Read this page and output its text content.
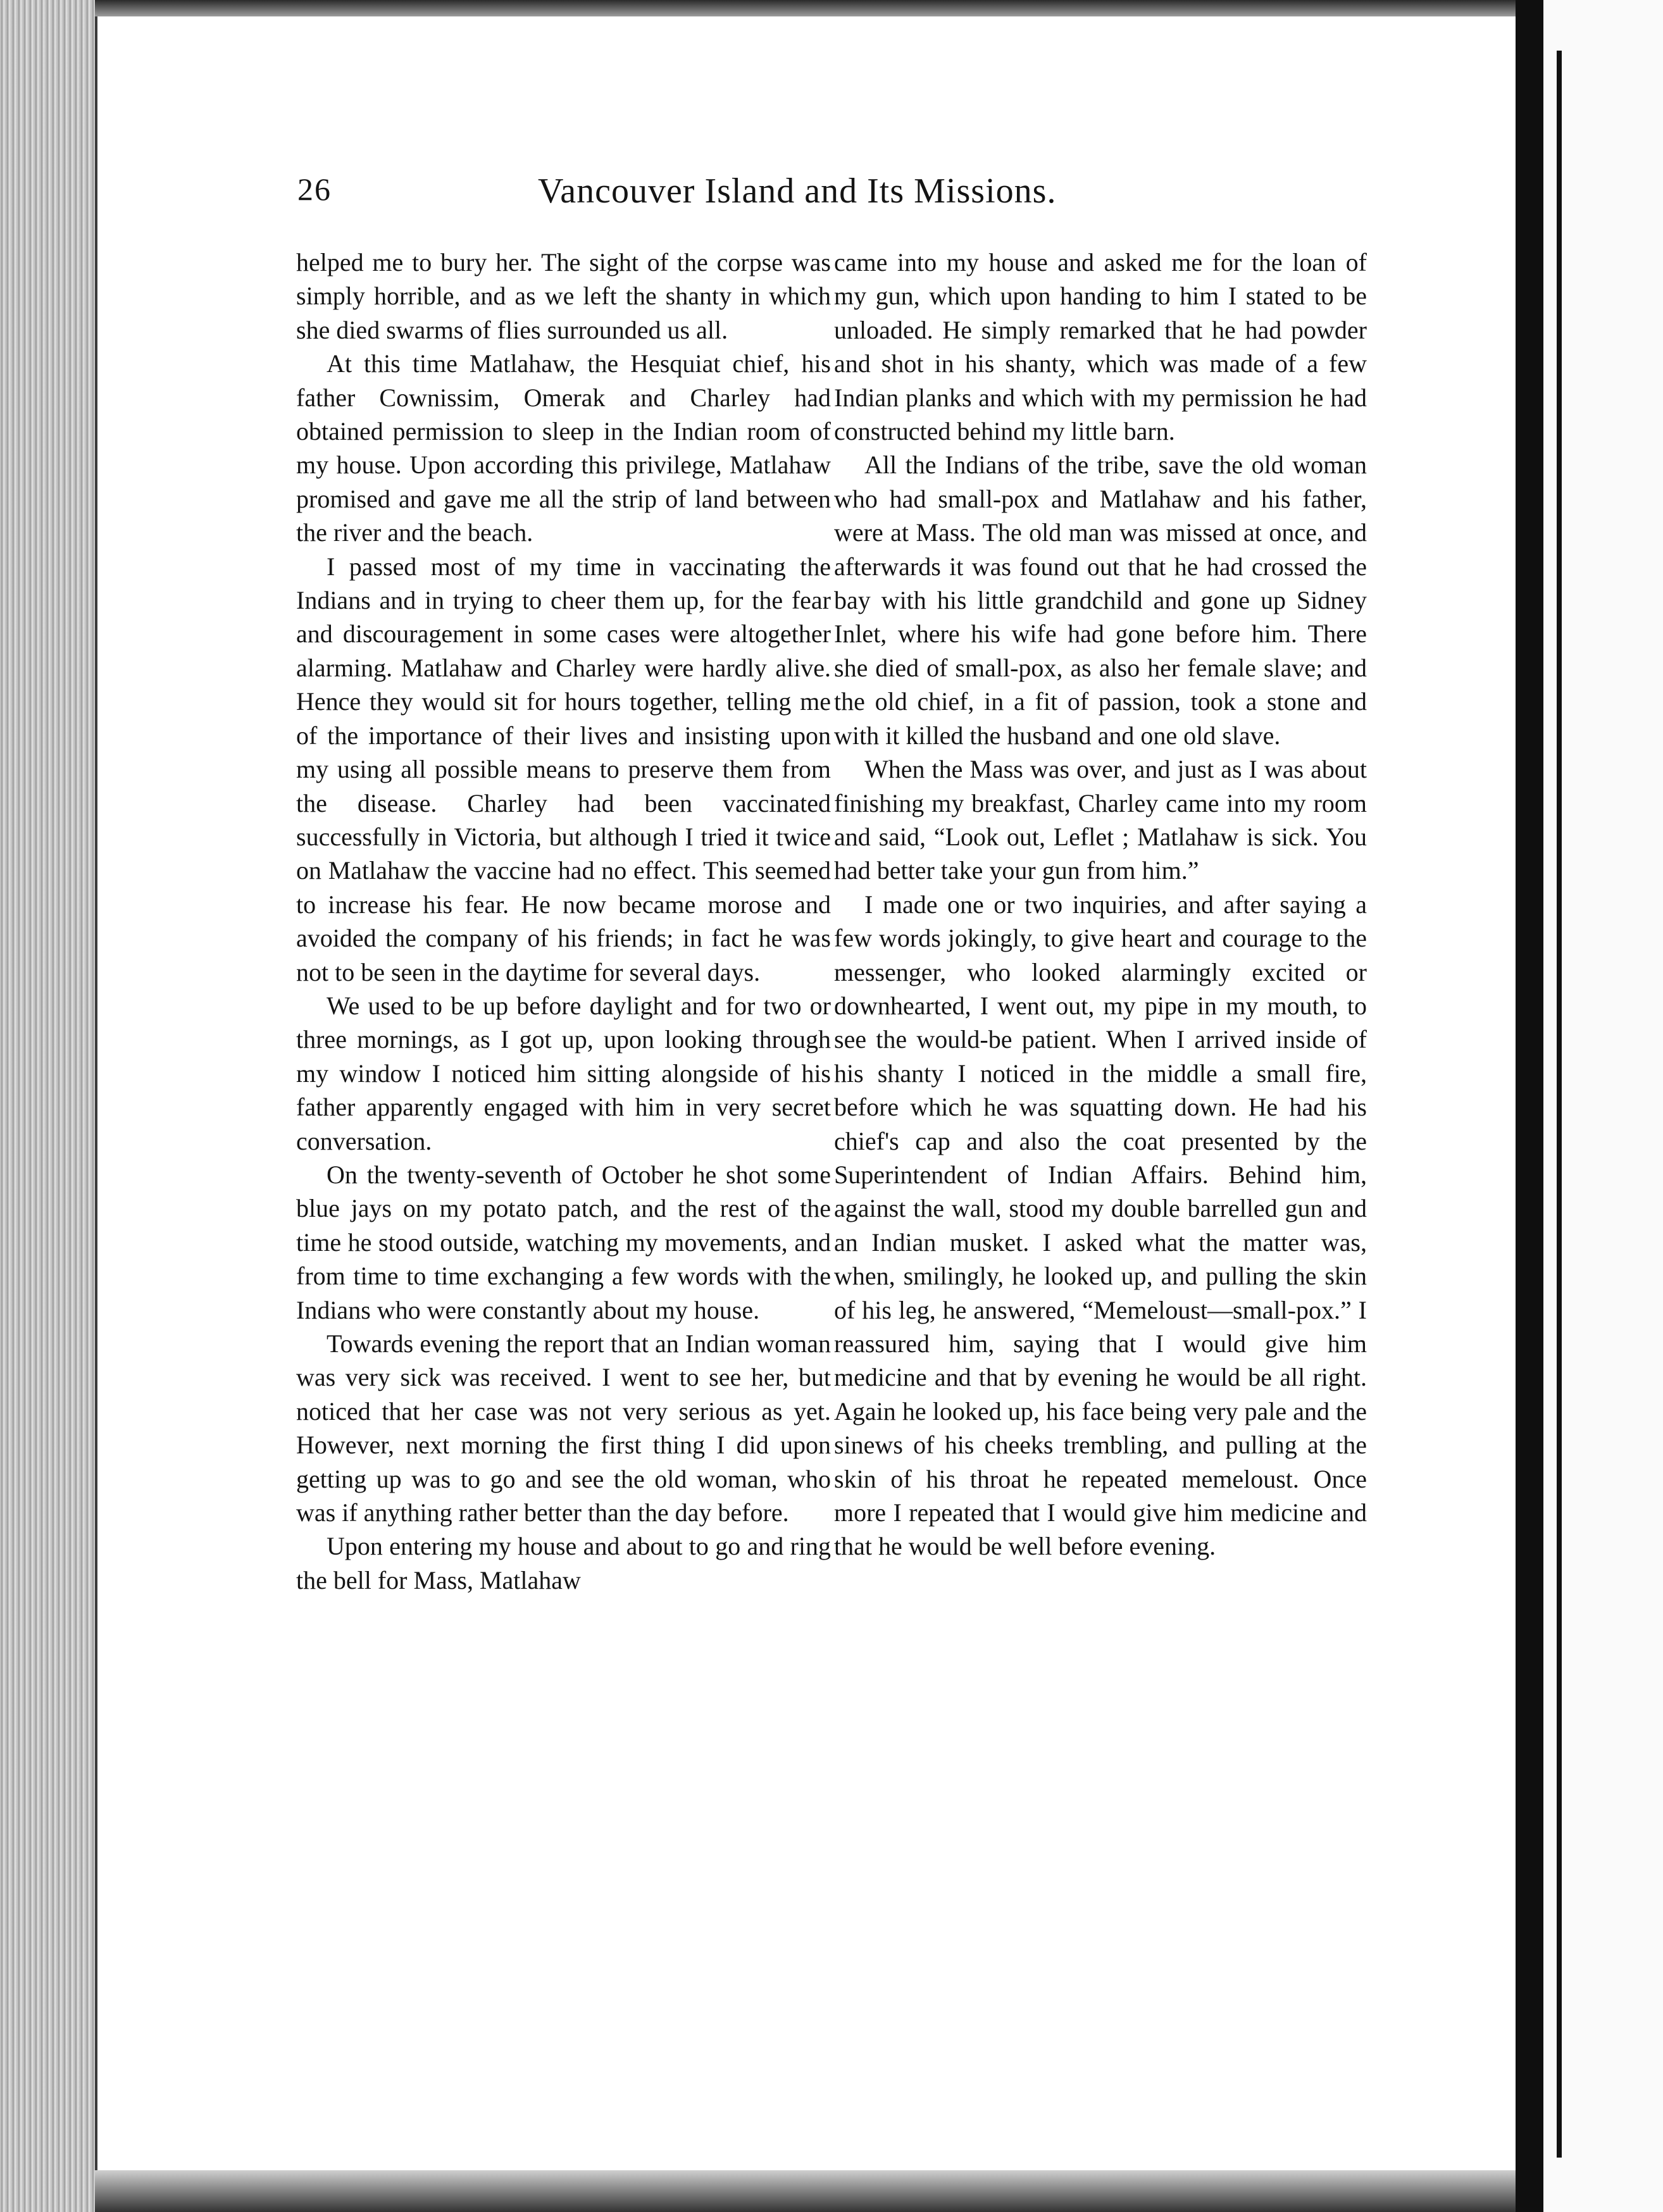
26	Vancouver Island and Its Missions.

helped me to bury her. The sight of the corpse was simply horrible, and as we left the shanty in which she died swarms of flies surrounded us all.

At this time Matlahaw, the Hesquiat chief, his father Cownissim, Omerak and Charley had obtained permission to sleep in the Indian room of my house. Upon according this privilege, Matlahaw promised and gave me all the strip of land between the river and the beach.

I passed most of my time in vaccinating the Indians and in trying to cheer them up, for the fear and discouragement in some cases were altogether alarming. Matlahaw and Charley were hardly alive. Hence they would sit for hours together, telling me of the importance of their lives and insisting upon my using all possible means to preserve them from the disease. Charley had been vaccinated successfully in Victoria, but although I tried it twice on Matlahaw the vaccine had no effect. This seemed to increase his fear. He now became morose and avoided the company of his friends; in fact he was not to be seen in the daytime for several days.

We used to be up before daylight and for two or three mornings, as I got up, upon looking through my window I noticed him sitting alongside of his father apparently engaged with him in very secret conversation.

On the twenty-seventh of October he shot some blue jays on my potato patch, and the rest of the time he stood outside, watching my movements, and from time to time exchanging a few words with the Indians who were constantly about my house.

Towards evening the report that an Indian woman was very sick was received. I went to see her, but noticed that her case was not very serious as yet. However, next morning the first thing I did upon getting up was to go and see the old woman, who was if anything rather better than the day before.

Upon entering my house and about to go and ring the bell for Mass, Matlahaw

came into my house and asked me for the loan of my gun, which upon handing to him I stated to be unloaded. He simply remarked that he had powder and shot in his shanty, which was made of a few Indian planks and which with my permission he had constructed behind my little barn.

All the Indians of the tribe, save the old woman who had small-pox and Matlahaw and his father, were at Mass. The old man was missed at once, and afterwards it was found out that he had crossed the bay with his little grandchild and gone up Sidney Inlet, where his wife had gone before him. There she died of small-pox, as also her female slave; and the old chief, in a fit of passion, took a stone and with it killed the husband and one old slave.

When the Mass was over, and just as I was about finishing my breakfast, Charley came into my room and said, “Look out, Leflet ; Matlahaw is sick. You had better take your gun from him.”

I made one or two inquiries, and after saying a few words jokingly, to give heart and courage to the messenger, who looked alarmingly excited or downhearted, I went out, my pipe in my mouth, to see the would-be patient. When I arrived inside of his shanty I noticed in the middle a small fire, before which he was squatting down. He had his chief's cap and also the coat presented by the Superintendent of Indian Affairs. Behind him, against the wall, stood my double barrelled gun and an Indian musket. I asked what the matter was, when, smilingly, he looked up, and pulling the skin of his leg, he answered, “Memeloust—small-pox.” I reassured him, saying that I would give him medicine and that by evening he would be all right. Again he looked up, his face being very pale and the sinews of his cheeks trembling, and pulling at the skin of his throat he repeated memeloust. Once more I repeated that I would give him medicine and that he would be well before evening.
